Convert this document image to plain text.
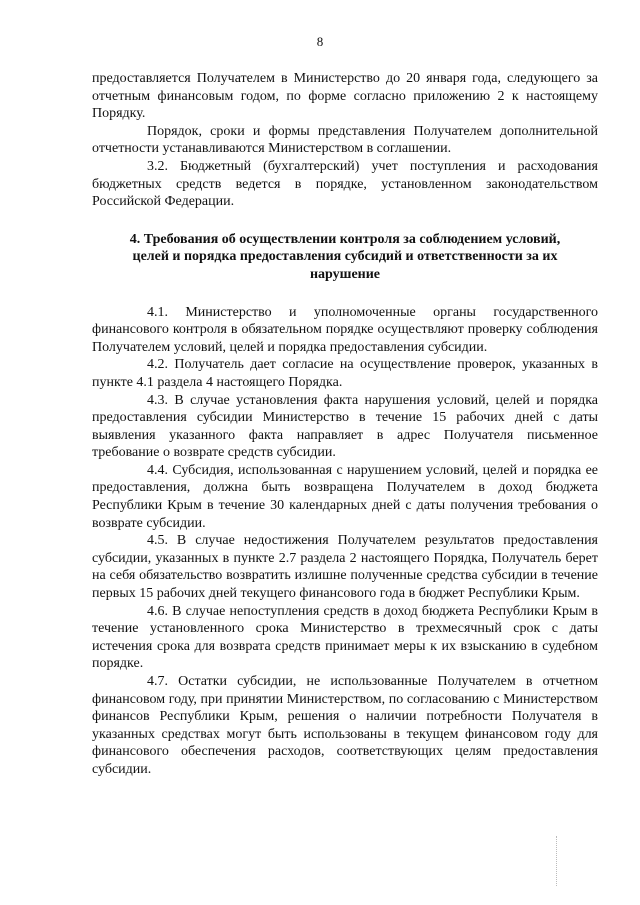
8

предоставляется Получателем в Министерство до 20 января года, следующего за отчетным финансовым годом, по форме согласно приложению 2 к настоящему Порядку.

Порядок, сроки и формы представления Получателем дополнительной отчетности устанавливаются Министерством в соглашении.

3.2. Бюджетный (бухгалтерский) учет поступления и расходования бюджетных средств ведется в порядке, установленном законодательством Российской Федерации.

4. Требования об осуществлении контроля за соблюдением условий, целей и порядка предоставления субсидий и ответственности за их нарушение

4.1. Министерство и уполномоченные органы государственного финансового контроля в обязательном порядке осуществляют проверку соблюдения Получателем условий, целей и порядка предоставления субсидии.

4.2. Получатель дает согласие на осуществление проверок, указанных в пункте 4.1 раздела 4 настоящего Порядка.

4.3. В случае установления факта нарушения условий, целей и порядка предоставления субсидии Министерство в течение 15 рабочих дней с даты выявления указанного факта направляет в адрес Получателя письменное требование о возврате средств субсидии.

4.4. Субсидия, использованная с нарушением условий, целей и порядка ее предоставления, должна быть возвращена Получателем в доход бюджета Республики Крым в течение 30 календарных дней с даты получения требования о возврате субсидии.

4.5. В случае недостижения Получателем результатов предоставления субсидии, указанных в пункте 2.7 раздела 2 настоящего Порядка, Получатель берет на себя обязательство возвратить излишне полученные средства субсидии в течение первых 15 рабочих дней текущего финансового года в бюджет Республики Крым.

4.6. В случае непоступления средств в доход бюджета Республики Крым в течение установленного срока Министерство в трехмесячный срок с даты истечения срока для возврата средств принимает меры к их взысканию в судебном порядке.

4.7. Остатки субсидии, не использованные Получателем в отчетном финансовом году, при принятии Министерством, по согласованию с Министерством финансов Республики Крым, решения о наличии потребности Получателя в указанных средствах могут быть использованы в текущем финансовом году для финансового обеспечения расходов, соответствующих целям предоставления субсидии.
